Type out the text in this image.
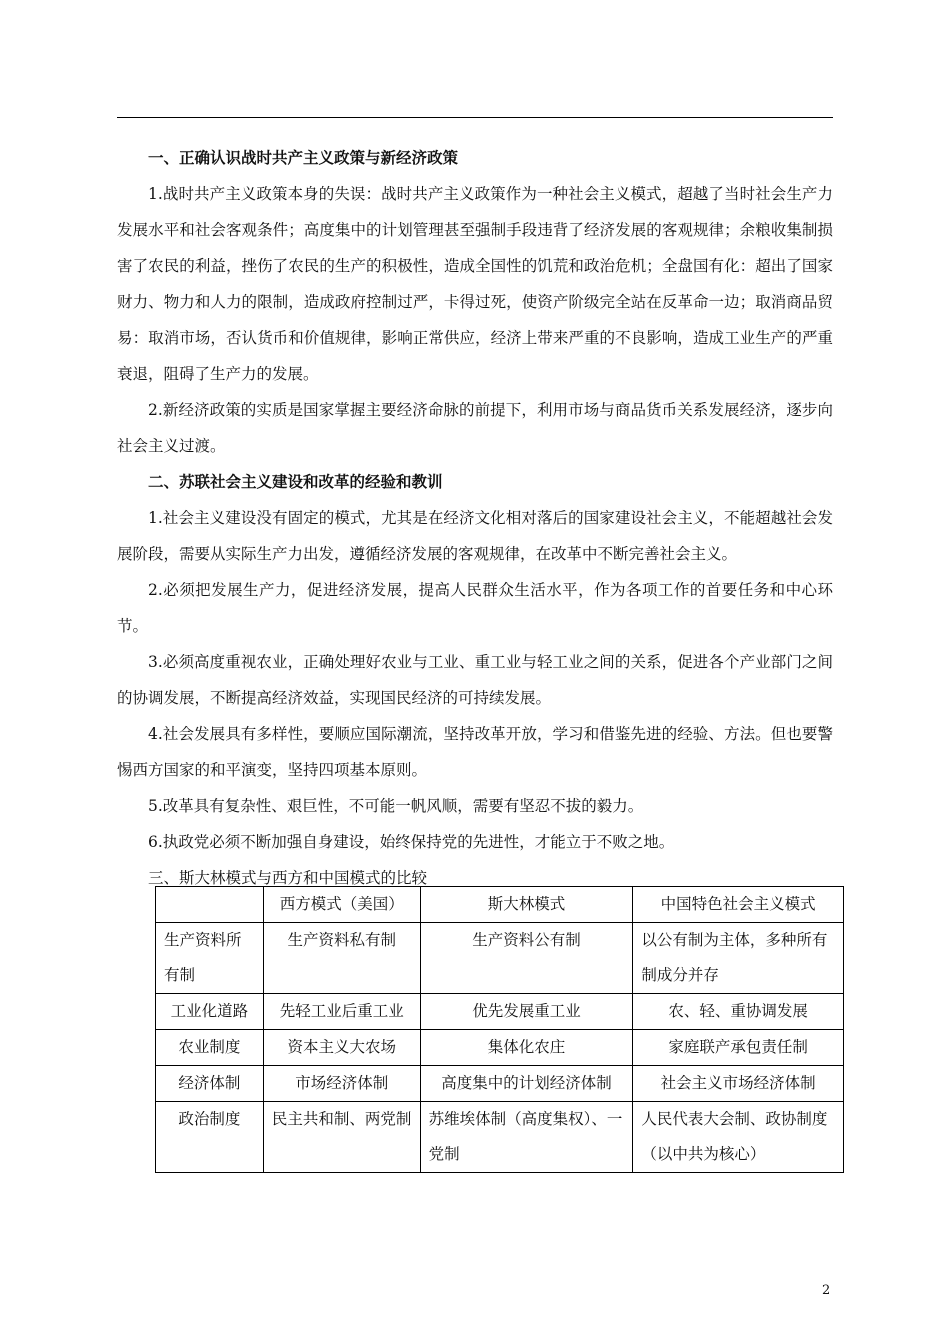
一、正确认识战时共产主义政策与新经济政策

1.战时共产主义政策本身的失误：战时共产主义政策作为一种社会主义模式，超越了当时社会生产力发展水平和社会客观条件；高度集中的计划管理甚至强制手段违背了经济发展的客观规律；余粮收集制损害了农民的利益，挫伤了农民的生产的积极性，造成全国性的饥荒和政治危机；全盘国有化：超出了国家财力、物力和人力的限制，造成政府控制过严，卡得过死，使资产阶级完全站在反革命一边；取消商品贸易：取消市场，否认货币和价值规律，影响正常供应，经济上带来严重的不良影响，造成工业生产的严重衰退，阻碍了生产力的发展。

2.新经济政策的实质是国家掌握主要经济命脉的前提下，利用市场与商品货币关系发展经济，逐步向社会主义过渡。

二、苏联社会主义建设和改革的经验和教训

1.社会主义建设没有固定的模式，尤其是在经济文化相对落后的国家建设社会主义，不能超越社会发展阶段，需要从实际生产力出发，遵循经济发展的客观规律，在改革中不断完善社会主义。

2.必须把发展生产力，促进经济发展，提高人民群众生活水平，作为各项工作的首要任务和中心环节。

3.必须高度重视农业，正确处理好农业与工业、重工业与轻工业之间的关系，促进各个产业部门之间的协调发展，不断提高经济效益，实现国民经济的可持续发展。

4.社会发展具有多样性，要顺应国际潮流，坚持改革开放，学习和借鉴先进的经验、方法。但也要警惕西方国家的和平演变，坚持四项基本原则。

5.改革具有复杂性、艰巨性，不可能一帆风顺，需要有坚忍不拔的毅力。

6.执政党必须不断加强自身建设，始终保持党的先进性，才能立于不败之地。

三、斯大林模式与西方和中国模式的比较

	西方模式（美国）	斯大林模式	中国特色社会主义模式
生产资料所有制	生产资料私有制	生产资料公有制	以公有制为主体，多种所有制成分并存
工业化道路	先轻工业后重工业	优先发展重工业	农、轻、重协调发展
农业制度	资本主义大农场	集体化农庄	家庭联产承包责任制
经济体制	市场经济体制	高度集中的计划经济体制	社会主义市场经济体制
政治制度	民主共和制、两党制	苏维埃体制（高度集权）、一党制	人民代表大会制、政协制度（以中共为核心）
2
